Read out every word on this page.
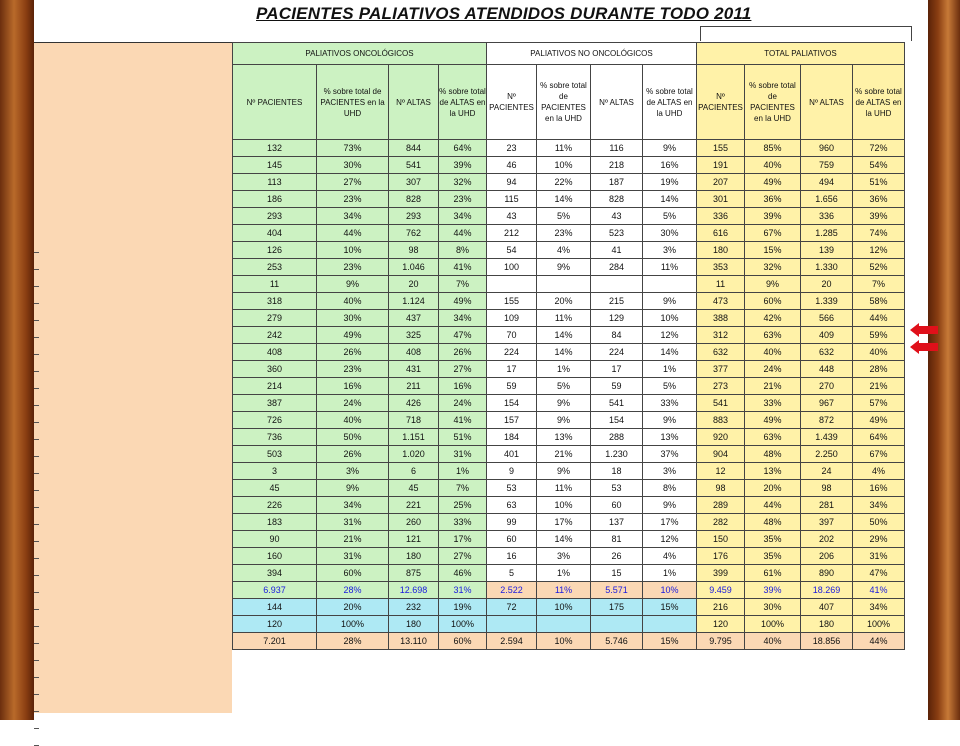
PACIENTES PALIATIVOS ATENDIDOS DURANTE TODO 2011
PALIATIVOS ONCOLÓGICOS				PALIATIVOS NO ONCOLÓGICOS				TOTAL PALIATIVOS			
Nº PACIENTES	% sobre total de PACIENTES en la UHD	Nº ALTAS	% sobre total de ALTAS en la UHD	Nº PACIENTES	% sobre total de PACIENTES en la UHD	Nº ALTAS	% sobre total de ALTAS en la UHD	Nº PACIENTES	% sobre total de PACIENTES en la UHD	Nº ALTAS	% sobre total de ALTAS en la UHD
132	73%	844	64%	23	11%	116	9%	155	85%	960	72%
145	30%	541	39%	46	10%	218	16%	191	40%	759	54%
113	27%	307	32%	94	22%	187	19%	207	49%	494	51%
186	23%	828	23%	115	14%	828	14%	301	36%	1.656	36%
293	34%	293	34%	43	5%	43	5%	336	39%	336	39%
404	44%	762	44%	212	23%	523	30%	616	67%	1.285	74%
126	10%	98	8%	54	4%	41	3%	180	15%	139	12%
253	23%	1.046	41%	100	9%	284	11%	353	32%	1.330	52%
11	9%	20	7%					11	9%	20	7%
318	40%	1.124	49%	155	20%	215	9%	473	60%	1.339	58%
279	30%	437	34%	109	11%	129	10%	388	42%	566	44%
242	49%	325	47%	70	14%	84	12%	312	63%	409	59%
408	26%	408	26%	224	14%	224	14%	632	40%	632	40%
360	23%	431	27%	17	1%	17	1%	377	24%	448	28%
214	16%	211	16%	59	5%	59	5%	273	21%	270	21%
387	24%	426	24%	154	9%	541	33%	541	33%	967	57%
726	40%	718	41%	157	9%	154	9%	883	49%	872	49%
736	50%	1.151	51%	184	13%	288	13%	920	63%	1.439	64%
503	26%	1.020	31%	401	21%	1.230	37%	904	48%	2.250	67%
3	3%	6	1%	9	9%	18	3%	12	13%	24	4%
45	9%	45	7%	53	11%	53	8%	98	20%	98	16%
226	34%	221	25%	63	10%	60	9%	289	44%	281	34%
183	31%	260	33%	99	17%	137	17%	282	48%	397	50%
90	21%	121	17%	60	14%	81	12%	150	35%	202	29%
160	31%	180	27%	16	3%	26	4%	176	35%	206	31%
394	60%	875	46%	5	1%	15	1%	399	61%	890	47%
6.937	28%	12.698	31%	2.522	11%	5.571	10%	9.459	39%	18.269	41%
144	20%	232	19%	72	10%	175	15%	216	30%	407	34%
120	100%	180	100%					120	100%	180	100%
7.201	28%	13.110	60%	2.594	10%	5.746	15%	9.795	40%	18.856	44%
